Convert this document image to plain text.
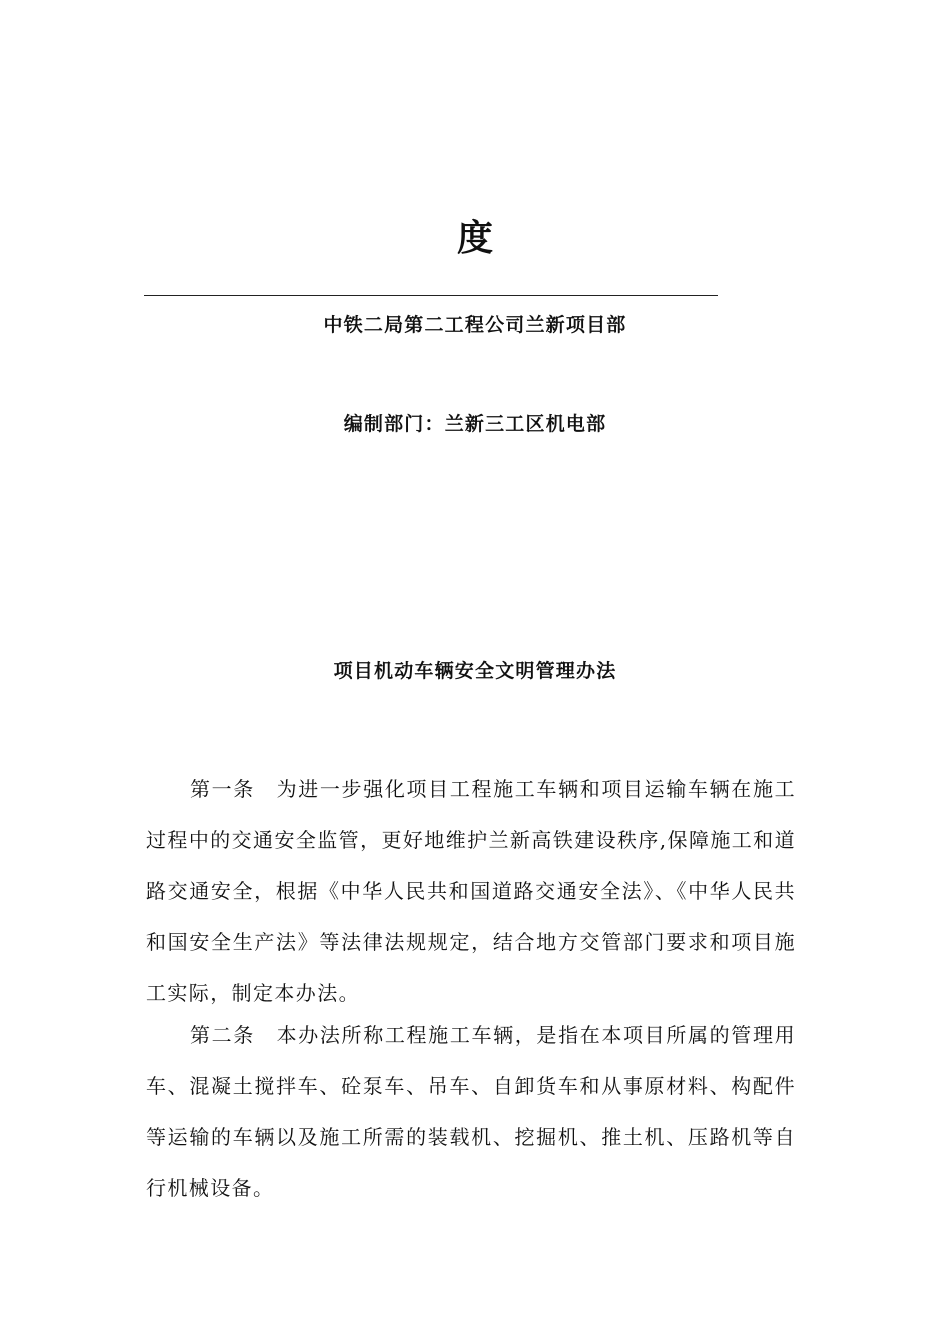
度
中铁二局第二工程公司兰新项目部
编制部门：兰新三工区机电部
项目机动车辆安全文明管理办法

第一条　为进一步强化项目工程施工车辆和项目运输车辆在施工过程中的交通安全监管，更好地维护兰新高铁建设秩序,保障施工和道路交通安全，根据《中华人民共和国道路交通安全法》、《中华人民共和国安全生产法》等法律法规规定，结合地方交管部门要求和项目施工实际，制定本办法。

第二条　本办法所称工程施工车辆，是指在本项目所属的管理用车、混凝土搅拌车、砼泵车、吊车、自卸货车和从事原材料、构配件等运输的车辆以及施工所需的装载机、挖掘机、推土机、压路机等自行机械设备。
